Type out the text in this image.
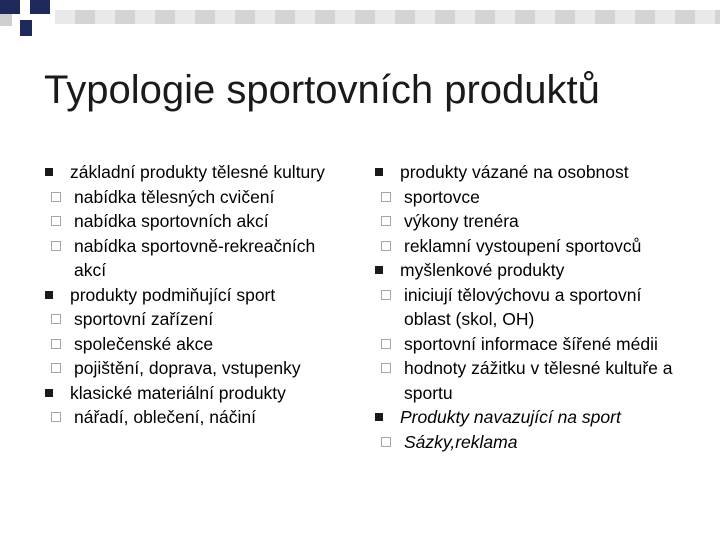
Typologie sportovních produktů
základní produkty tělesné kultury
nabídka tělesných cvičení
nabídka sportovních akcí
nabídka sportovně-rekreačních akcí
produkty podmiňující sport
sportovní zařízení
společenské akce
pojištění, doprava, vstupenky
klasické materiální produkty
nářadí, oblečení, náčiní
produkty vázané na osobnost
sportovce
výkony trenéra
reklamní vystoupení sportovců
myšlenkové produkty
iniciují tělovýchovu a sportovní oblast (skol, OH)
sportovní informace šířené médii
hodnoty zážitku v tělesné kultuře a sportu
Produkty navazující na sport
Sázky,reklama
